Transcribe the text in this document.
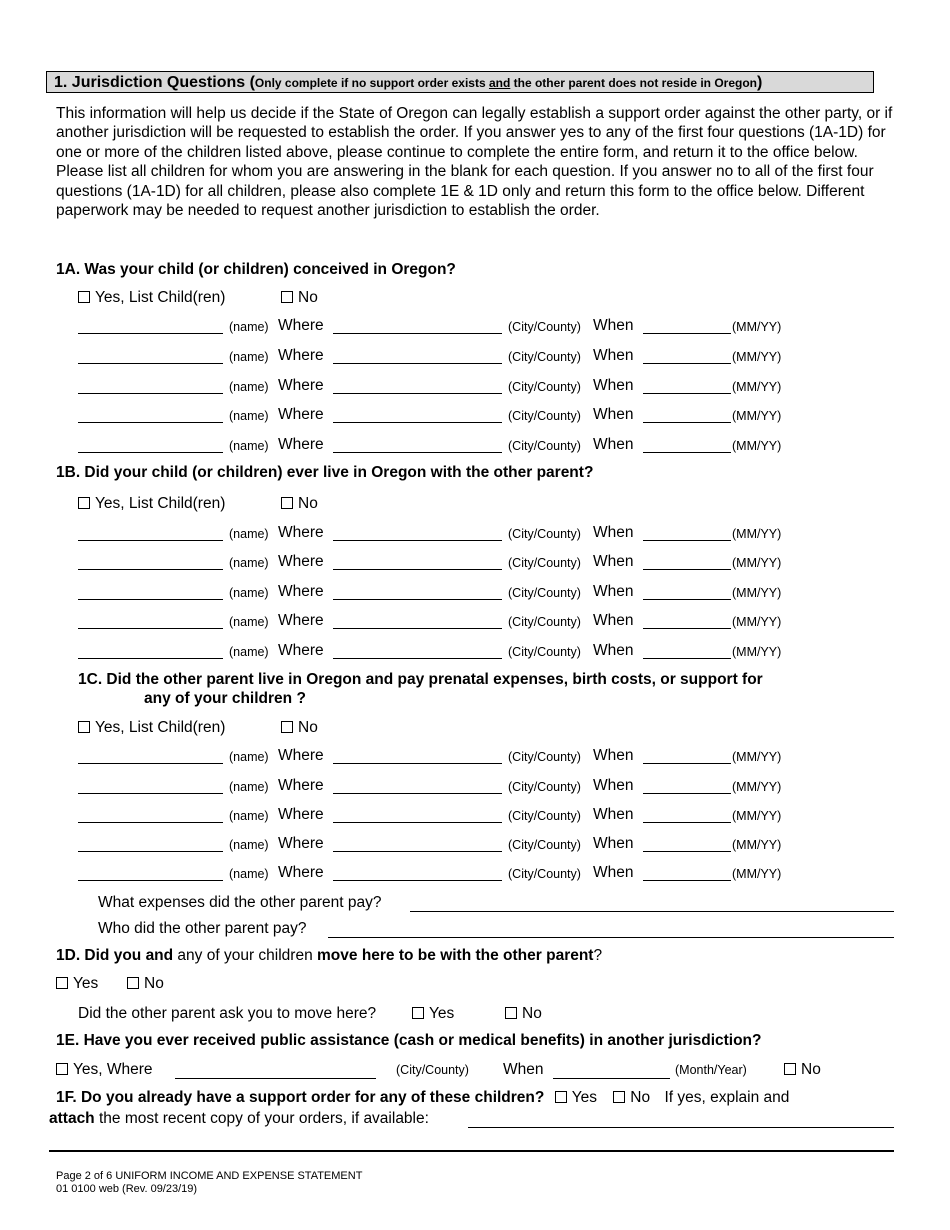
1. Jurisdiction Questions (Only complete if no support order exists and the other parent does not reside in Oregon)

This information will help us decide if the State of Oregon can legally establish a support order against the other party, or if another jurisdiction will be requested to establish the order. If you answer yes to any of the first four questions (1A-1D) for one or more of the children listed above, please continue to complete the entire form, and return it to the office below. Please list all children for whom you are answering in the blank for each question. If you answer no to all of the first four questions (1A-1D) for all children, please also complete 1E & 1D only and return this form to the office below. Different paperwork may be needed to request another jurisdiction to establish the order.

1A. Was your child (or children) conceived in Oregon?
Yes, List Child(ren)	No
(name) Where	(City/County) When	(MM/YY)
(name) Where	(City/County) When	(MM/YY)
(name) Where	(City/County) When	(MM/YY)
(name) Where	(City/County) When	(MM/YY)
(name) Where	(City/County) When	(MM/YY)
1B. Did your child (or children) ever live in Oregon with the other parent?
Yes, List Child(ren)	No
(name) Where	(City/County) When	(MM/YY)
(name) Where	(City/County) When	(MM/YY)
(name) Where	(City/County) When	(MM/YY)
(name) Where	(City/County) When	(MM/YY)
(name) Where	(City/County) When	(MM/YY)
1C. Did the other parent live in Oregon and pay prenatal expenses, birth costs, or support for
any of your children ?
Yes, List Child(ren)	No
(name) Where	(City/County) When	(MM/YY)
(name) Where	(City/County) When	(MM/YY)
(name) Where	(City/County) When	(MM/YY)
(name) Where	(City/County) When	(MM/YY)
(name) Where	(City/County) When	(MM/YY)
What expenses did the other parent pay?
Who did the other parent pay?
1D. Did you and any of your children move here to be with the other parent?
Yes	No
Did the other parent ask you to move here?	Yes	No
1E. Have you ever received public assistance (cash or medical benefits) in another jurisdiction?
Yes, Where	(City/County) When	(Month/Year)	No
1F. Do you already have a support order for any of these children? Yes No If yes, explain and
attach the most recent copy of your orders, if available:
Page 2 of 6 UNIFORM INCOME AND EXPENSE STATEMENT
01 0100 web (Rev. 09/23/19)
